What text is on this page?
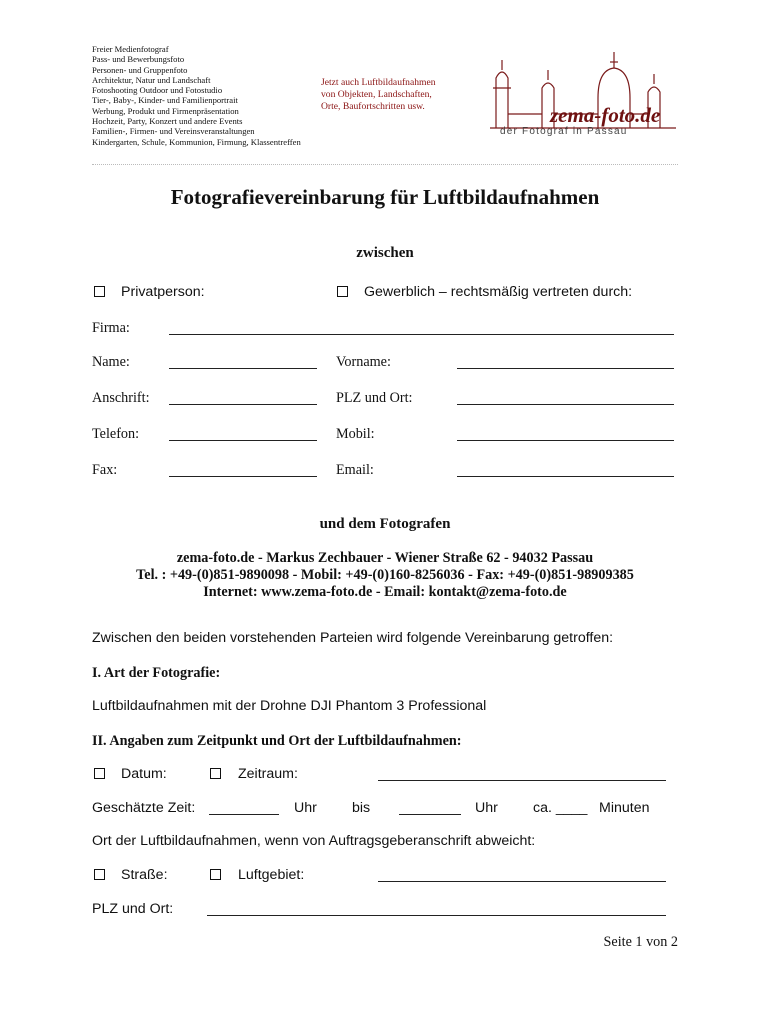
Freier Medienfotograf
Pass- und Bewerbungsfoto
Personen- und Gruppenfoto
Architektur, Natur und Landschaft
Fotoshooting Outdoor und Fotostudio
Tier-, Baby-, Kinder- und Familienportrait
Werbung, Produkt und Firmenpräsentation
Hochzeit, Party, Konzert und andere Events
Familien-, Firmen- und Vereinsveranstaltungen
Kindergarten, Schule, Kommunion, Firmung, Klassentreffen
Jetzt auch Luftbildaufnahmen
von Objekten, Landschaften,
Orte, Baufortschritten usw.	zema-foto.de
der Fotograf in Passau
Fotografievereinbarung für Luftbildaufnahmen
zwischen
Privatperson:	Gewerblich – rechtsmäßig vertreten durch:
Firma:
Name:	Vorname:
Anschrift:	PLZ und Ort:
Telefon:	Mobil:
Fax:	Email:
und dem Fotografen
zema-foto.de - Markus Zechbauer - Wiener Straße 62 - 94032 Passau
Tel. : +49-(0)851-9890098 - Mobil: +49-(0)160-8256036 - Fax: +49-(0)851-98909385
Internet: www.zema-foto.de - Email: kontakt@zema-foto.de
Zwischen den beiden vorstehenden Parteien wird folgende Vereinbarung getroffen:
I. Art der Fotografie:
Luftbildaufnahmen mit der Drohne DJI Phantom 3 Professional
II. Angaben zum Zeitpunkt und Ort der Luftbildaufnahmen:
Datum:	Zeitraum:
Geschätzte Zeit:	Uhr bis	Uhr ca. ____ Minuten
Ort der Luftbildaufnahmen, wenn von Auftragsgeberanschrift abweicht:
Straße:	Luftgebiet:
PLZ und Ort:
Seite 1 von 2
